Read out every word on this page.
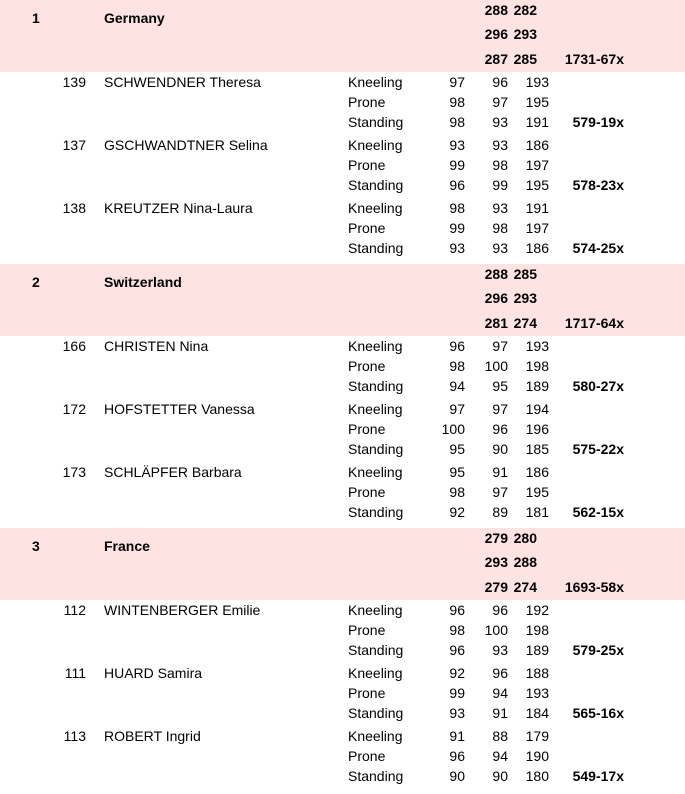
1	Germany	288 282
296 293
287 285	1731-67x
139 SCHWENDNER Theresa	Kneeling	97	96	193
Prone	98	97	195
Standing	98	93	191	579-19x
137 GSCHWANDTNER Selina	Kneeling	93	93	186
Prone	99	98	197
Standing	96	99	195	578-23x
138 KREUTZER Nina-Laura	Kneeling	98	93	191
Prone	99	98	197
Standing	93	93	186	574-25x
2	Switzerland	288 285
296 293
281 274	1717-64x
166 CHRISTEN Nina	Kneeling	96	97	193
Prone	98	100	198
Standing	94	95	189	580-27x
172 HOFSTETTER Vanessa	Kneeling	97	97	194
Prone	100	96	196
Standing	95	90	185	575-22x
173 SCHLÄPFER Barbara	Kneeling	95	91	186
Prone	98	97	195
Standing	92	89	181	562-15x
3	France	279 280
293 288
279 274	1693-58x
112 WINTENBERGER Emilie	Kneeling	96	96	192
Prone	98	100	198
Standing	96	93	189	579-25x
111 HUARD Samira	Kneeling	92	96	188
Prone	99	94	193
Standing	93	91	184	565-16x
113 ROBERT Ingrid	Kneeling	91	88	179
Prone	96	94	190
Standing	90	90	180	549-17x
